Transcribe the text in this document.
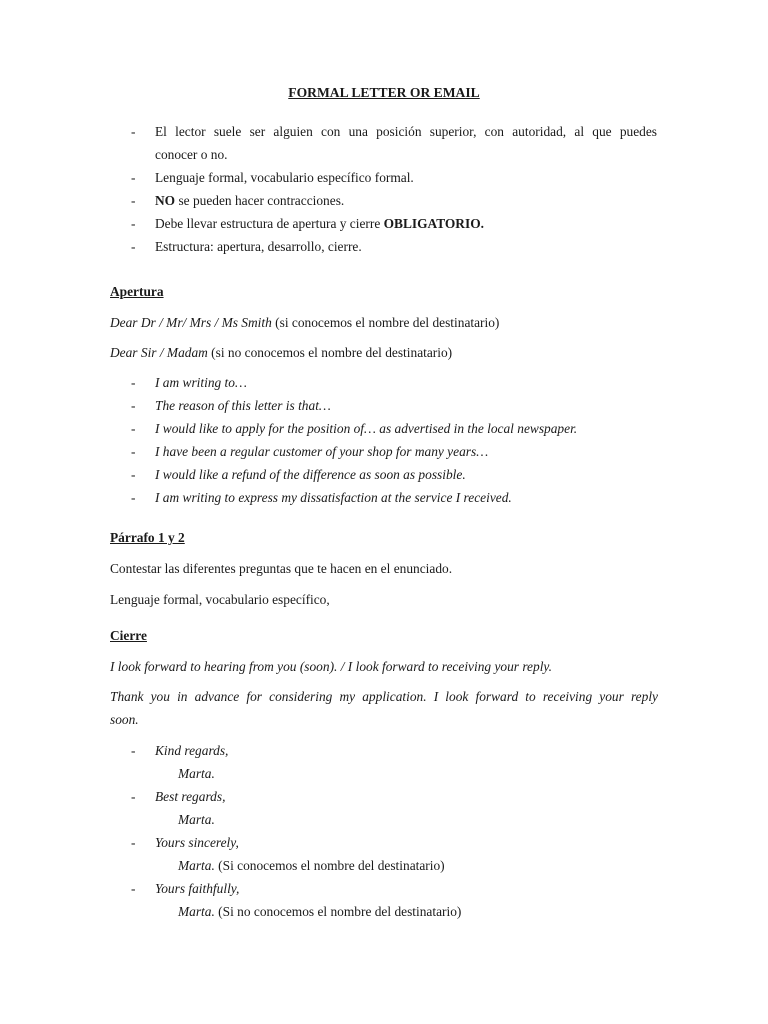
FORMAL LETTER OR EMAIL
- El lector suele ser alguien con una posición superior, con autoridad, al que puedes
conocer o no.
- Lenguaje formal, vocabulario específico formal.
- NO se pueden hacer contracciones.
- Debe llevar estructura de apertura y cierre OBLIGATORIO.
- Estructura: apertura, desarrollo, cierre.
Apertura
Dear Dr / Mr/ Mrs / Ms Smith (si conocemos el nombre del destinatario)
Dear Sir / Madam (si no conocemos el nombre del destinatario)
- I am writing to…
- The reason of this letter is that…
- I would like to apply for the position of… as advertised in the local newspaper.
- I have been a regular customer of your shop for many years…
- I would like a refund of the difference as soon as possible.
- I am writing to express my dissatisfaction at the service I received.
Párrafo 1 y 2
Contestar las diferentes preguntas que te hacen en el enunciado.
Lenguaje formal, vocabulario específico,
Cierre
I look forward to hearing from you (soon). / I look forward to receiving your reply.
Thank you in advance for considering my application. I look forward to receiving your reply
soon.
- Kind regards,
Marta.
- Best regards,
Marta.
- Yours sincerely,
Marta. (Si conocemos el nombre del destinatario)
- Yours faithfully,
Marta. (Si no conocemos el nombre del destinatario)
